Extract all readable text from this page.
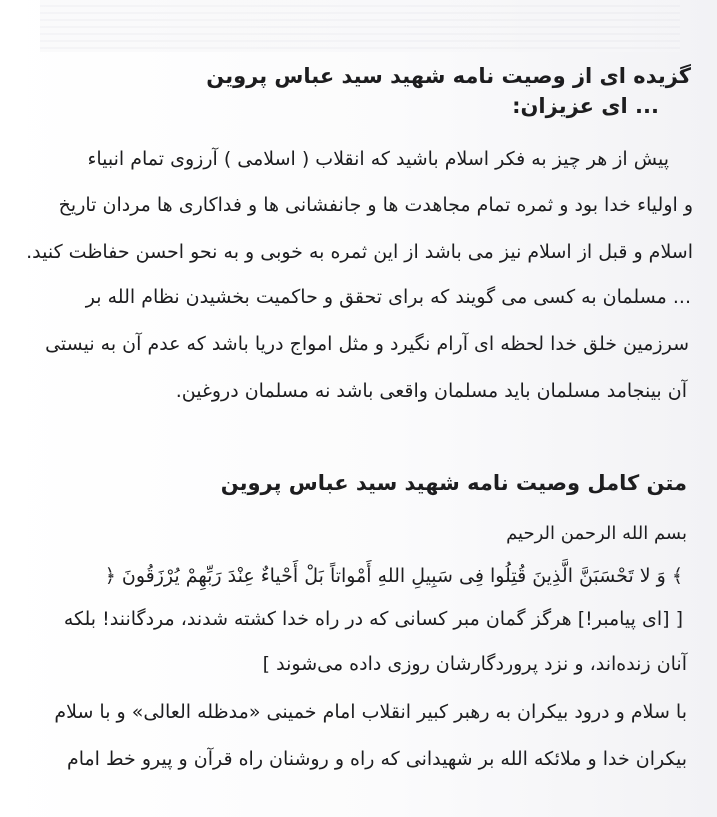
گزیده ای از وصیت نامه شهید سید عباس پروین
... ای عزیزان:
پیش از هر چیز به فکر اسلام باشید که انقلاب ( اسلامی ) آرزوی تمام انبیاء
و اولیاء خدا بود و ثمره تمام مجاهدت ها و جانفشانی ها و فداکاری ها مردان تاریخ
اسلام و قبل از اسلام نیز می باشد از این ثمره به خوبی و به نحو احسن حفاظت کنید.
... مسلمان به کسی می گویند که برای تحقق و حاکمیت بخشیدن نظام الله بر
سرزمین خلق خدا لحظه ای آرام نگیرد و مثل امواج دریا باشد که عدم آن به نیستی
آن بینجامد مسلمان باید مسلمان واقعی باشد نه مسلمان دروغین.
متن کامل وصیت نامه شهید سید عباس پروین
بسم الله الرحمن الرحیم
﴾ وَ لا تَحْسَبَنَّ الَّذِینَ قُتِلُوا فِی سَبِیلِ اللهِ أَمْواتاً بَلْ أَحْیاءٌ عِنْدَ رَبِّهِمْ یُرْزَقُونَ ﴿
[ [ای پیامبر!] هرگز گمان مبر کسانی که در راه خدا کشته شدند، مردگانند! بلکه
آنان زنده‌اند، و نزد پروردگارشان روزی داده می‌شوند ]
با سلام و درود بیکران به رهبر کبیر انقلاب امام خمینی «مدظله العالی» و با سلام
بیکران خدا و ملائکه الله بر شهیدانی که راه و روشنان راه قرآن و پیرو خط امام
